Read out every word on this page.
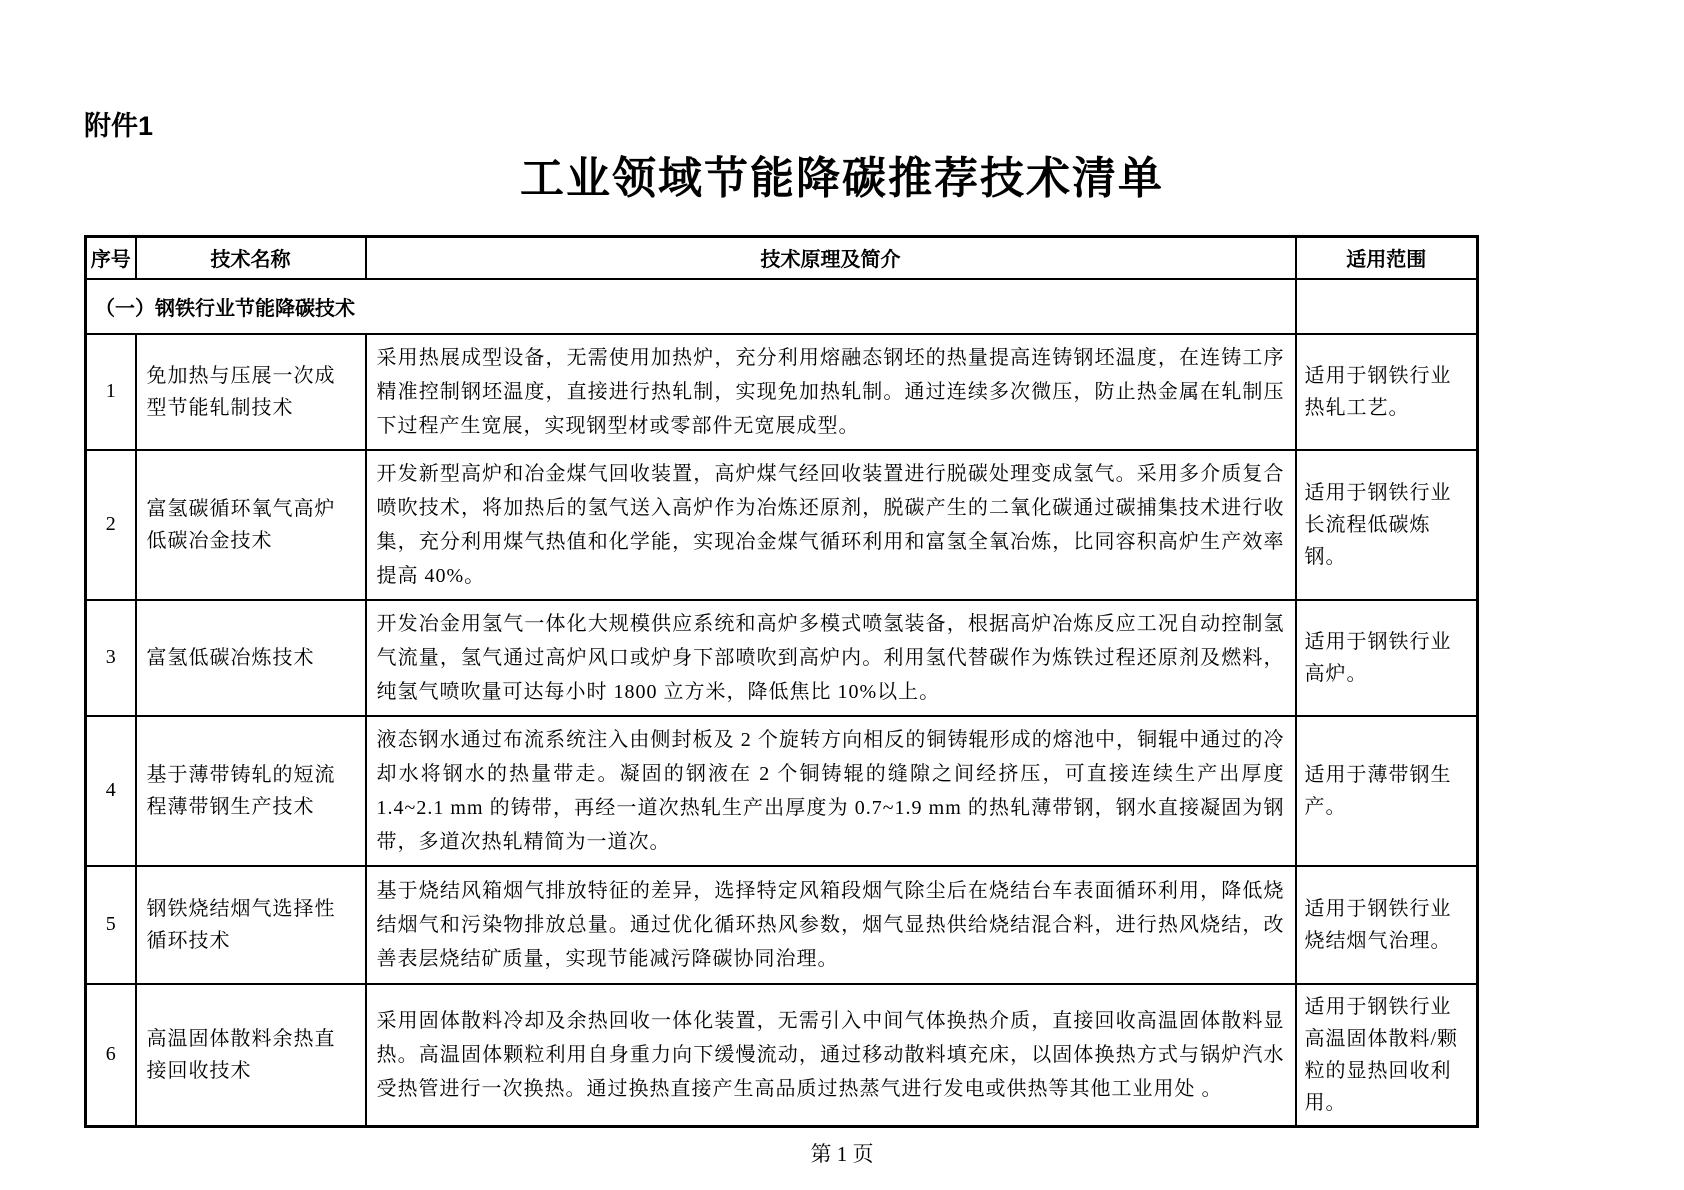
附件1
工业领域节能降碳推荐技术清单
序号	技术名称	技术原理及简介	适用范围
（一）钢铁行业节能降碳技术			
1	免加热与压展一次成型节能轧制技术	采用热展成型设备，无需使用加热炉，充分利用熔融态钢坯的热量提高连铸钢坯温度，在连铸工序精准控制钢坯温度，直接进行热轧制，实现免加热轧制。通过连续多次微压，防止热金属在轧制压下过程产生宽展，实现钢型材或零部件无宽展成型。	适用于钢铁行业热轧工艺。
2	富氢碳循环氧气高炉低碳冶金技术	开发新型高炉和冶金煤气回收装置，高炉煤气经回收装置进行脱碳处理变成氢气。采用多介质复合喷吹技术，将加热后的氢气送入高炉作为冶炼还原剂，脱碳产生的二氧化碳通过碳捕集技术进行收集，充分利用煤气热值和化学能，实现冶金煤气循环利用和富氢全氧冶炼，比同容积高炉生产效率提高 40%。	适用于钢铁行业长流程低碳炼钢。
3	富氢低碳冶炼技术	开发冶金用氢气一体化大规模供应系统和高炉多模式喷氢装备，根据高炉冶炼反应工况自动控制氢气流量，氢气通过高炉风口或炉身下部喷吹到高炉内。利用氢代替碳作为炼铁过程还原剂及燃料，纯氢气喷吹量可达每小时 1800 立方米，降低焦比 10%以上。	适用于钢铁行业高炉。
4	基于薄带铸轧的短流程薄带钢生产技术	液态钢水通过布流系统注入由侧封板及 2 个旋转方向相反的铜铸辊形成的熔池中，铜辊中通过的冷却水将钢水的热量带走。凝固的钢液在 2 个铜铸辊的缝隙之间经挤压，可直接连续生产出厚度 1.4~2.1 mm 的铸带，再经一道次热轧生产出厚度为 0.7~1.9 mm 的热轧薄带钢，钢水直接凝固为钢带，多道次热轧精简为一道次。	适用于薄带钢生产。
5	钢铁烧结烟气选择性循环技术	基于烧结风箱烟气排放特征的差异，选择特定风箱段烟气除尘后在烧结台车表面循环利用，降低烧结烟气和污染物排放总量。通过优化循环热风参数，烟气显热供给烧结混合料，进行热风烧结，改善表层烧结矿质量，实现节能减污降碳协同治理。	适用于钢铁行业烧结烟气治理。
6	高温固体散料余热直接回收技术	采用固体散料冷却及余热回收一体化装置，无需引入中间气体换热介质，直接回收高温固体散料显热。高温固体颗粒利用自身重力向下缓慢流动，通过移动散料填充床，以固体换热方式与锅炉汽水受热管进行一次换热。通过换热直接产生高品质过热蒸气进行发电或供热等其他工业用处 。	适用于钢铁行业高温固体散料/颗粒的显热回收利用。
第 1 页
